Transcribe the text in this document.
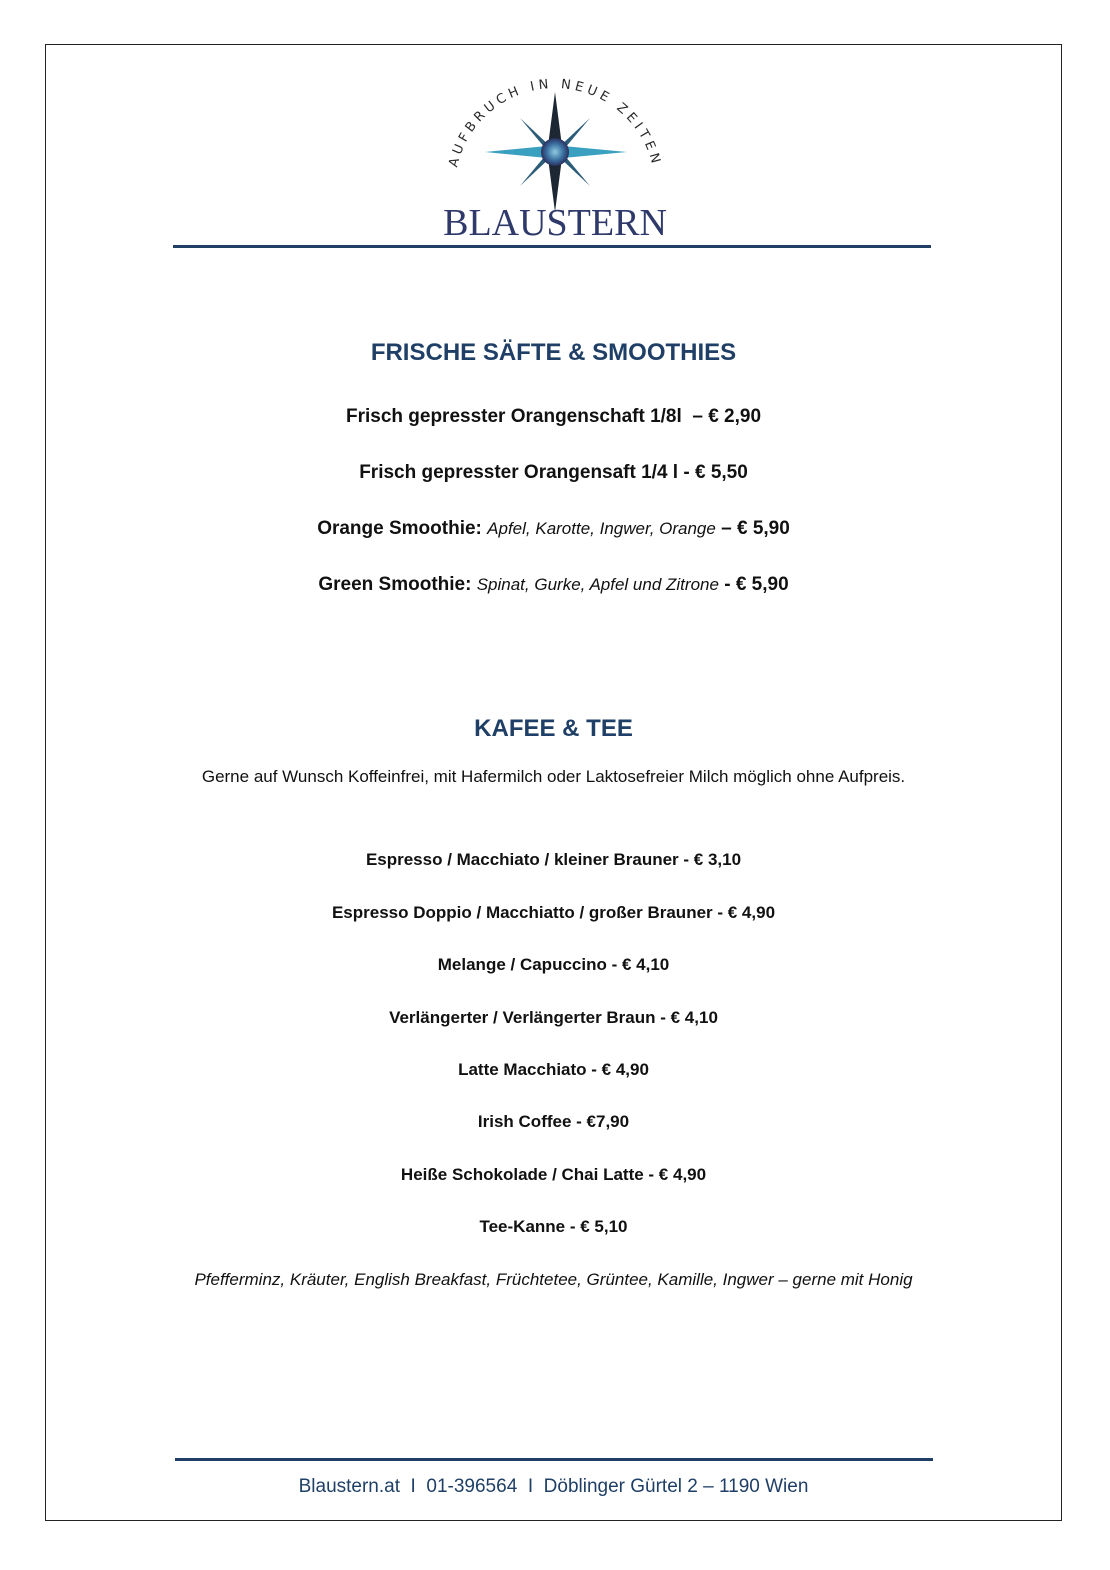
AUFBRUCH IN NEUE ZEITEN
BLAUSTERN
FRISCHE SÄFTE & SMOOTHIES
Frisch gepresster Orangenschaft 1/8l  – € 2,90
Frisch gepresster Orangensaft 1/4 l - € 5,50
Orange Smoothie: Apfel, Karotte, Ingwer, Orange – € 5,90
Green Smoothie: Spinat, Gurke, Apfel und Zitrone - € 5,90
KAFEE & TEE
Gerne auf Wunsch Koffeinfrei, mit Hafermilch oder Laktosefreier Milch möglich ohne Aufpreis.
Espresso / Macchiato / kleiner Brauner - € 3,10
Espresso Doppio / Macchiatto / großer Brauner - € 4,90
Melange / Capuccino - € 4,10
Verlängerter / Verlängerter Braun - € 4,10
Latte Macchiato - € 4,90
Irish Coffee - €7,90
Heiße Schokolade / Chai Latte - € 4,90
Tee-Kanne - € 5,10
Pfefferminz, Kräuter, English Breakfast, Früchtetee, Grüntee, Kamille, Ingwer – gerne mit Honig
Blaustern.at  I  01-396564  I  Döblinger Gürtel 2 – 1190 Wien
